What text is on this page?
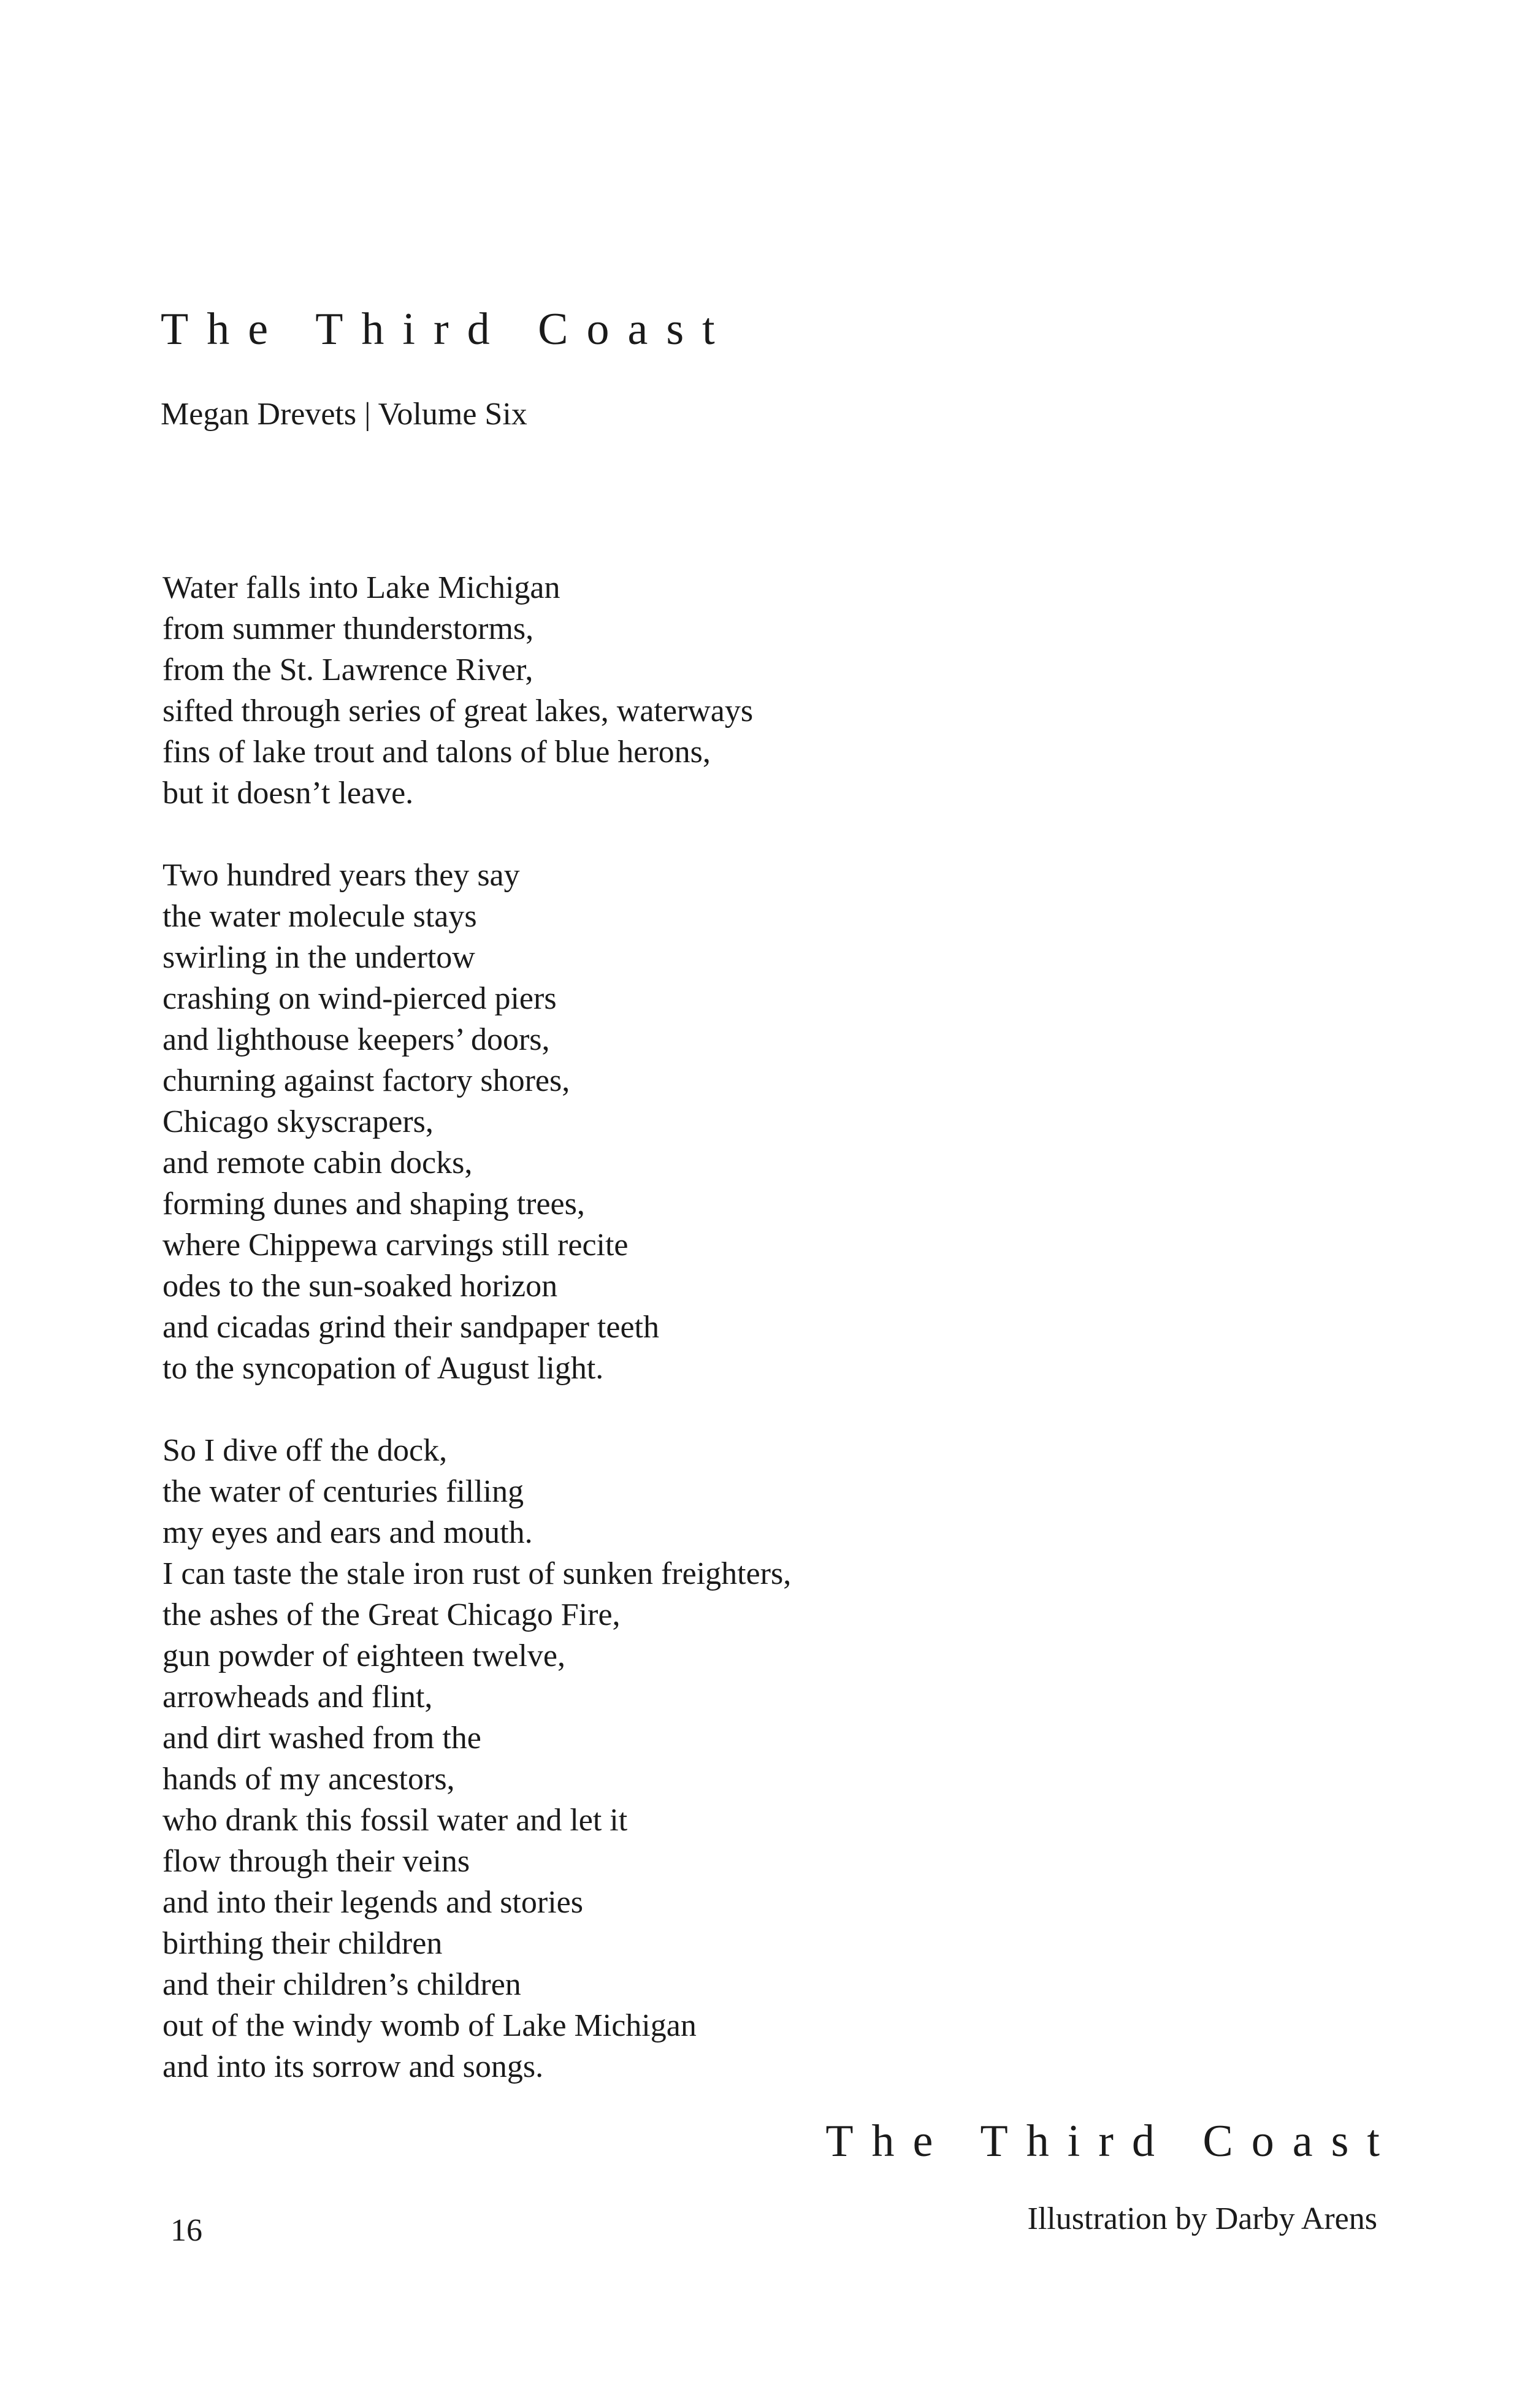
The Third Coast
Megan Drevets | Volume Six
Water falls into Lake Michigan
from summer thunderstorms,
from the St. Lawrence River,
sifted through series of great lakes, waterways
fins of lake trout and talons of blue herons,
but it doesn’t leave.
Two hundred years they say
the water molecule stays
swirling in the undertow
crashing on wind-pierced piers
and lighthouse keepers’ doors,
churning against factory shores,
Chicago skyscrapers,
and remote cabin docks,
forming dunes and shaping trees,
where Chippewa carvings still recite
odes to the sun-soaked horizon
and cicadas grind their sandpaper teeth
to the syncopation of August light.
So I dive off the dock,
the water of centuries filling
my eyes and ears and mouth.
I can taste the stale iron rust of sunken freighters,
the ashes of the Great Chicago Fire,
gun powder of eighteen twelve,
arrowheads and flint,
and dirt washed from the
hands of my ancestors,
who drank this fossil water and let it
flow through their veins
and into their legends and stories
birthing their children
and their children’s children
out of the windy womb of Lake Michigan
and into its sorrow and songs.
The Third Coast
16	Illustration by Darby Arens
